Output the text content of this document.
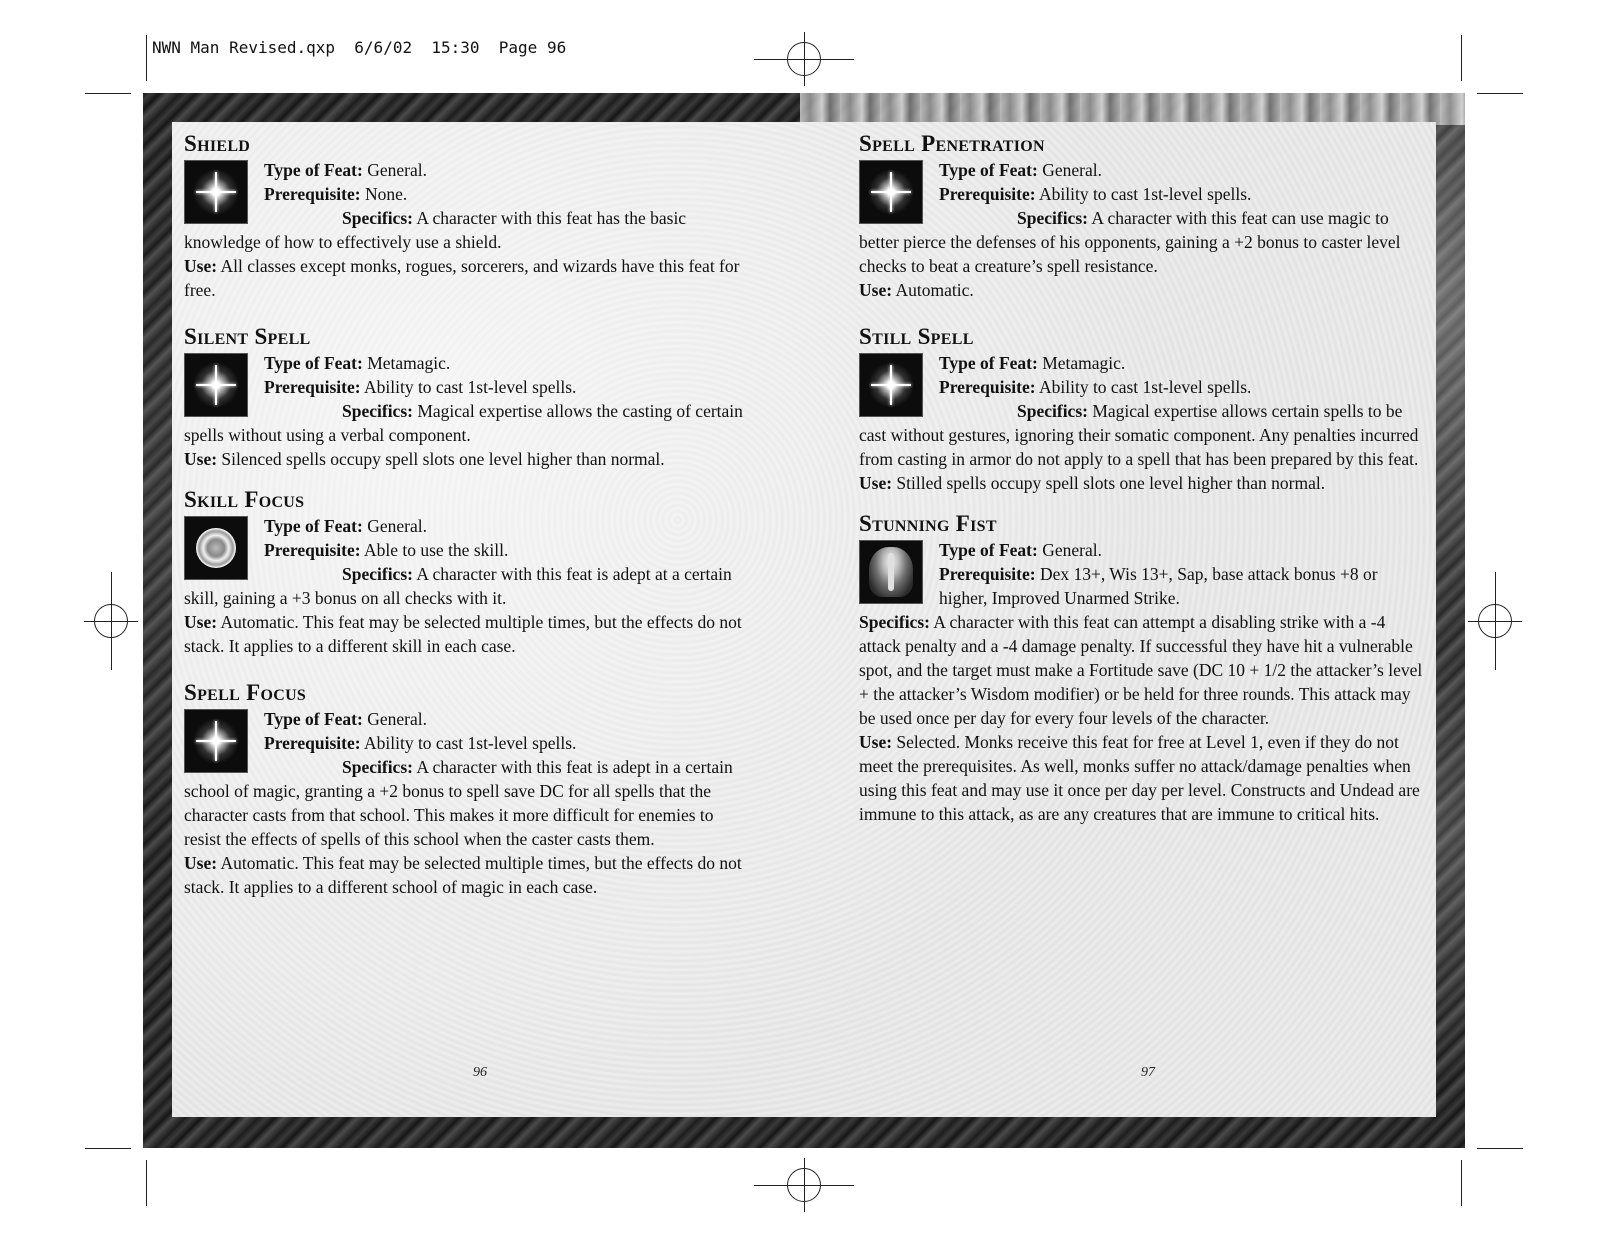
NWN Man Revised.qxp  6/6/02  15:30  Page 96
Shield

Type of Feat: General.

Prerequisite: None.

Specifics: A character with this feat has the basic knowledge of how to effectively use a shield.

Use: All classes except monks, rogues, sorcerers, and wizards have this feat for free.

Silent Spell

Type of Feat: Metamagic.

Prerequisite: Ability to cast 1st-level spells.

Specifics: Magical expertise allows the casting of certain spells without using a verbal component.

Use: Silenced spells occupy spell slots one level higher than normal.

Skill Focus

Type of Feat: General.

Prerequisite: Able to use the skill.

Specifics: A character with this feat is adept at a certain skill, gaining a +3 bonus on all checks with it.

Use: Automatic. This feat may be selected multiple times, but the effects do not stack. It applies to a different skill in each case.

Spell Focus

Type of Feat: General.

Prerequisite: Ability to cast 1st-level spells.

Specifics: A character with this feat is adept in a certain school of magic, granting a +2 bonus to spell save DC for all spells that the character casts from that school. This makes it more difficult for enemies to resist the effects of spells of this school when the caster casts them.

Use: Automatic. This feat may be selected multiple times, but the effects do not stack. It applies to a different school of magic in each case.

Spell Penetration

Type of Feat: General.

Prerequisite: Ability to cast 1st-level spells.

Specifics: A character with this feat can use magic to better pierce the defenses of his opponents, gaining a +2 bonus to caster level checks to beat a creature’s spell resistance.

Use: Automatic.

Still Spell

Type of Feat: Metamagic.

Prerequisite: Ability to cast 1st-level spells.

Specifics: Magical expertise allows certain spells to be cast without gestures, ignoring their somatic component. Any penalties incurred from casting in armor do not apply to a spell that has been prepared by this feat.

Use: Stilled spells occupy spell slots one level higher than normal.

Stunning Fist

Type of Feat: General.

Prerequisite: Dex 13+, Wis 13+, Sap, base attack bonus +8 or higher, Improved Unarmed Strike.

Specifics: A character with this feat can attempt a disabling strike with a -4 attack penalty and a -4 damage penalty. If successful they have hit a vulnerable spot, and the target must make a Fortitude save (DC 10 + 1/2 the attacker’s level + the attacker’s Wisdom modifier) or be held for three rounds. This attack may be used once per day for every four levels of the character.

Use: Selected. Monks receive this feat for free at Level 1, even if they do not meet the prerequisites. As well, monks suffer no attack/damage penalties when using this feat and may use it once per day per level. Constructs and Undead are immune to this attack, as are any creatures that are immune to critical hits.

96	97
